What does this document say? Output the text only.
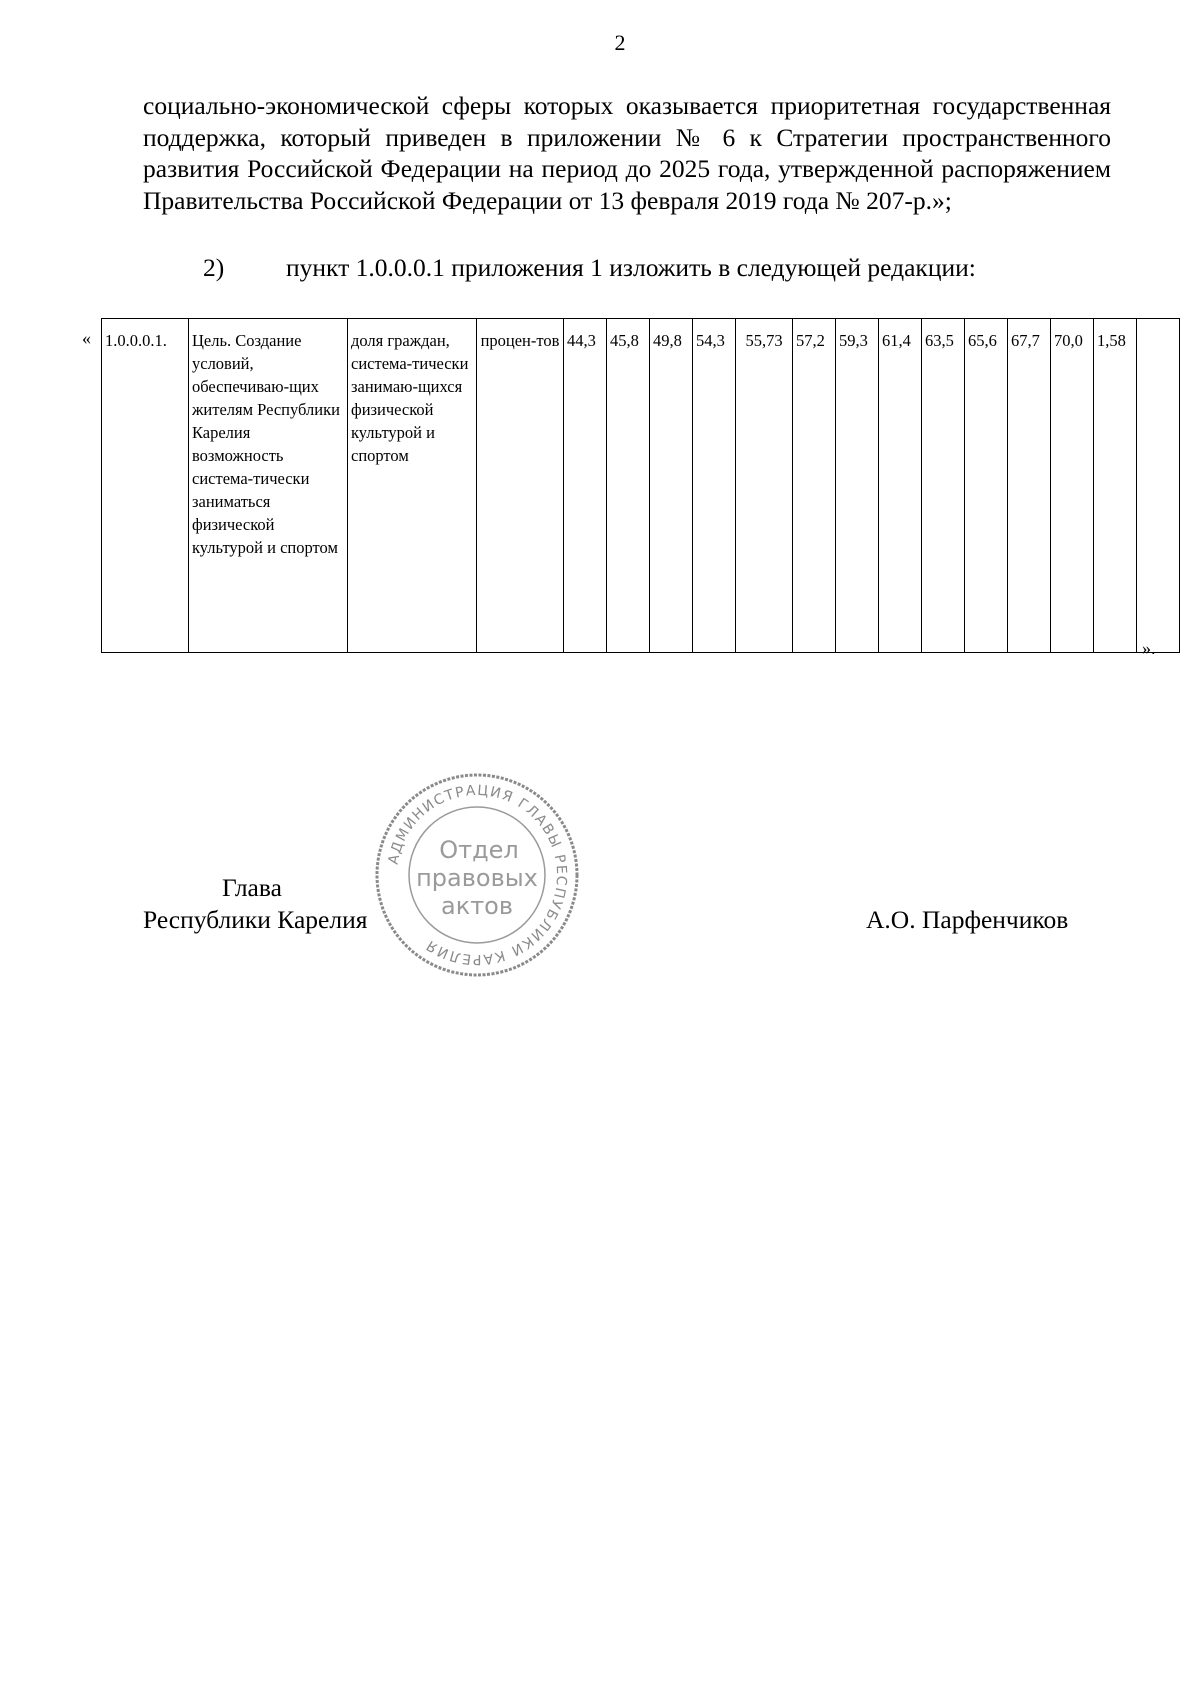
2

социально-экономической сферы которых оказывается приоритетная государственная поддержка, который приведен в приложении № 6 к Стратегии пространственного развития Российской Федерации на период до 2025 года, утвержденной распоряжением Правительства Российской Федерации от 13 февраля 2019 года № 207-р.»;

2) пункт 1.0.0.0.1 приложения 1 изложить в следующей редакции:
« 1.0.0.0.1.	Цель. Создание условий, обеспечиваю-щих жителям Республики Карелия возможность система-тически заниматься физической культурой и спортом	доля граждан, система-тически занимаю-щихся физической культурой и спортом	процен-тов	44,3	45,8	49,8	54,3	55,73	57,2	59,3	61,4	63,5	65,6	67,7	70,0	1,58	
».
Глава
Республики Карелия	А.О. Парфенчиков
АДМИНИСТРАЦИЯ ГЛАВЫ РЕСПУБЛИКИ КАРЕЛИЯ
Отдел
правовых
актов
